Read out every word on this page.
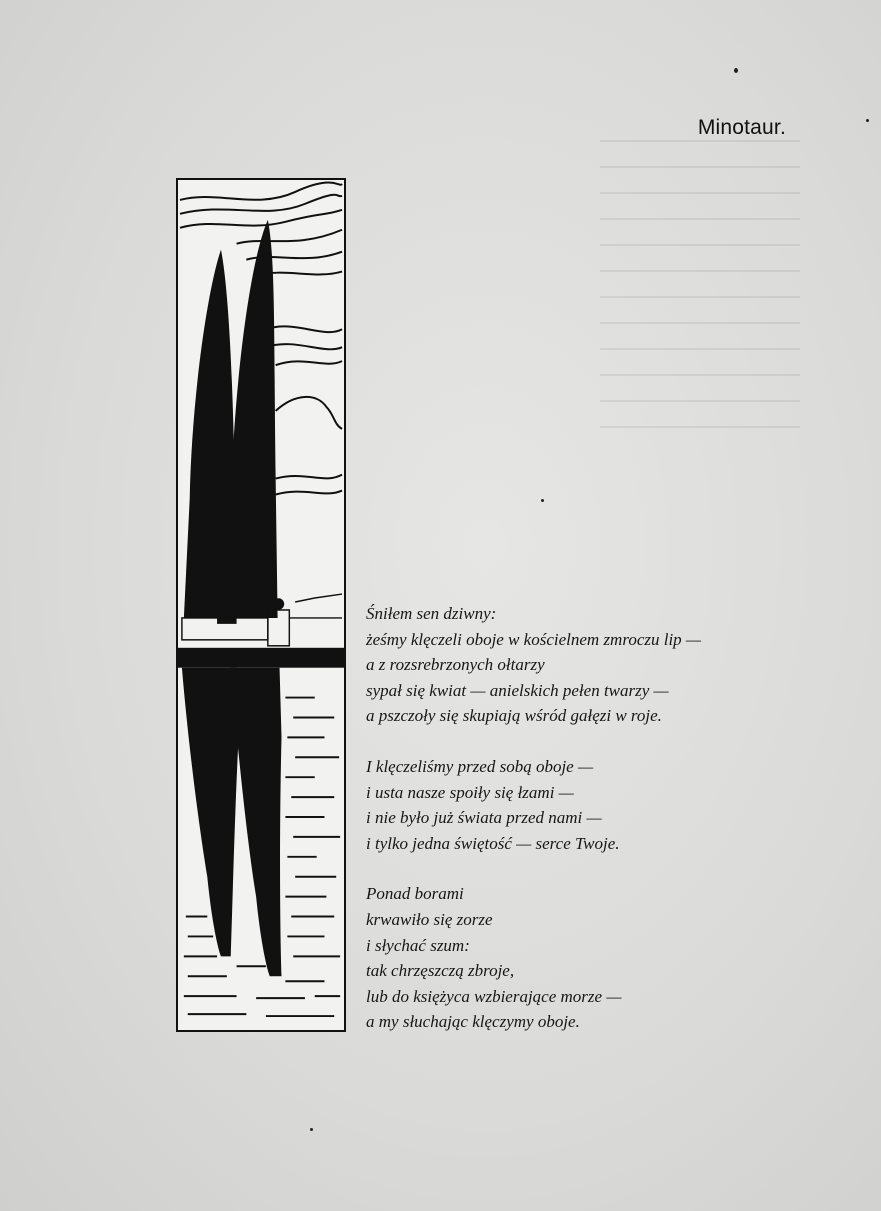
Minotaur.
Śniłem sen dziwny:
żeśmy klęczeli oboje w kościelnem zmroczu lip —
a z rozsrebrzonych ołtarzy
sypał się kwiat — anielskich pełen twarzy —
a pszczoły się skupiają wśród gałęzi w roje.
I klęczeliśmy przed sobą oboje —
i usta nasze spoiły się łzami —
i nie było już świata przed nami —
i tylko jedna świętość — serce Twoje.
Ponad borami
krwawiło się zorze
i słychać szum:
tak chrzęszczą zbroje,
lub do księżyca wzbierające morze —
a my słuchając klęczymy oboje.
